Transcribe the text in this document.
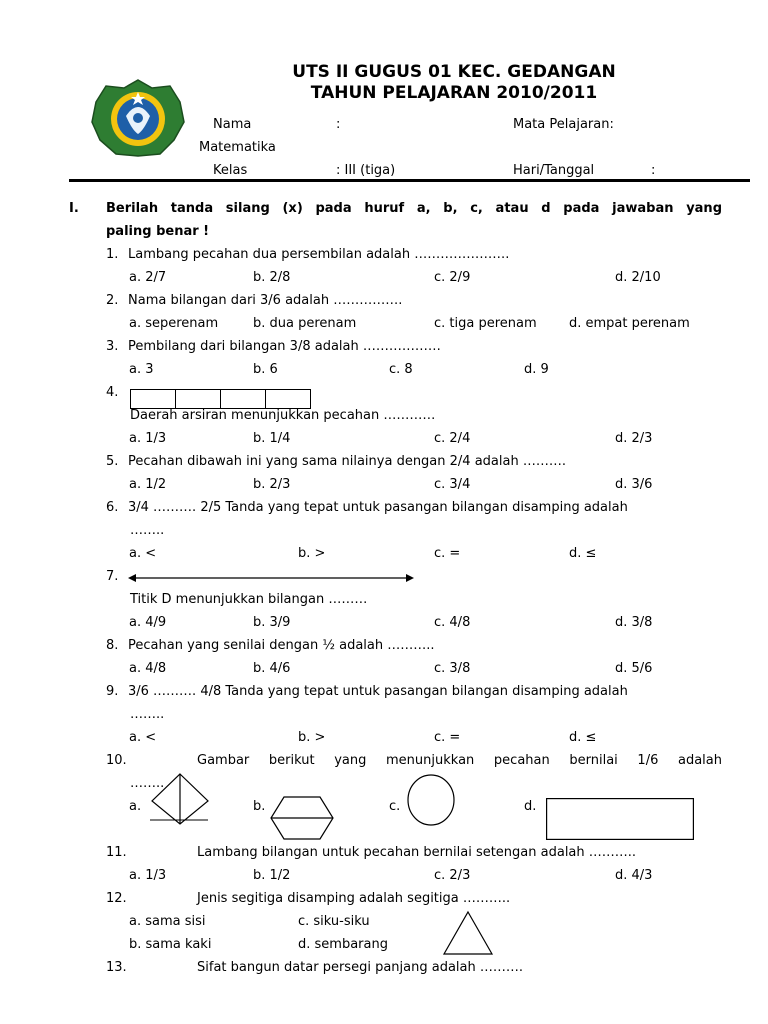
UTS II GUGUS 01 KEC. GEDANGAN
TAHUN PELAJARAN 2010/2011
Nama	:	Mata Pelajaran:
Matematika
Kelas	: III (tiga)	Hari/Tanggal	:
I. Berilah tanda silang (x) pada huruf a, b, c, atau d pada jawaban yang
paling benar !
1. Lambang pecahan dua persembilan adalah ………………….
a. 2/7	b. 2/8	c. 2/9	d. 2/10
2. Nama bilangan dari 3/6 adalah …………….
a. seperenam	b. dua perenam	c. tiga perenam d. empat perenam
3. Pembilang dari bilangan 3/8 adalah ………………
a. 3	b. 6	c. 8	d. 9
4.
Daerah arsiran menunjukkan pecahan …………
a. 1/3	b. 1/4	c. 2/4	d. 2/3
5. Pecahan dibawah ini yang sama nilainya dengan 2/4 adalah ……….
a. 1/2	b. 2/3	c. 3/4	d. 3/6
6. 3/4 ………. 2/5 Tanda yang tepat untuk pasangan bilangan disamping adalah
……..
a. <	b. >	c. =	d. ≤
7.
Titik D menunjukkan bilangan ………
a. 4/9	b. 3/9	c. 4/8	d. 3/8
8. Pecahan yang senilai dengan ½ adalah ………..
a. 4/8	b. 4/6	c. 3/8	d. 5/6
9. 3/6 ………. 4/8 Tanda yang tepat untuk pasangan bilangan disamping adalah
……..
a. <	b. >	c. =	d. ≤
10.	Gambar berikut yang menunjukkan pecahan bernilai 1/6 adalah
……..
a.	b.	c.	d.
11.	Lambang bilangan untuk pecahan bernilai setengan adalah ………..
a. 1/3	b. 1/2	c. 2/3	d. 4/3
12.	Jenis segitiga disamping adalah segitiga ………..
a. sama sisi	c. siku-siku
b. sama kaki	d. sembarang
13.	Sifat bangun datar persegi panjang adalah ……….
